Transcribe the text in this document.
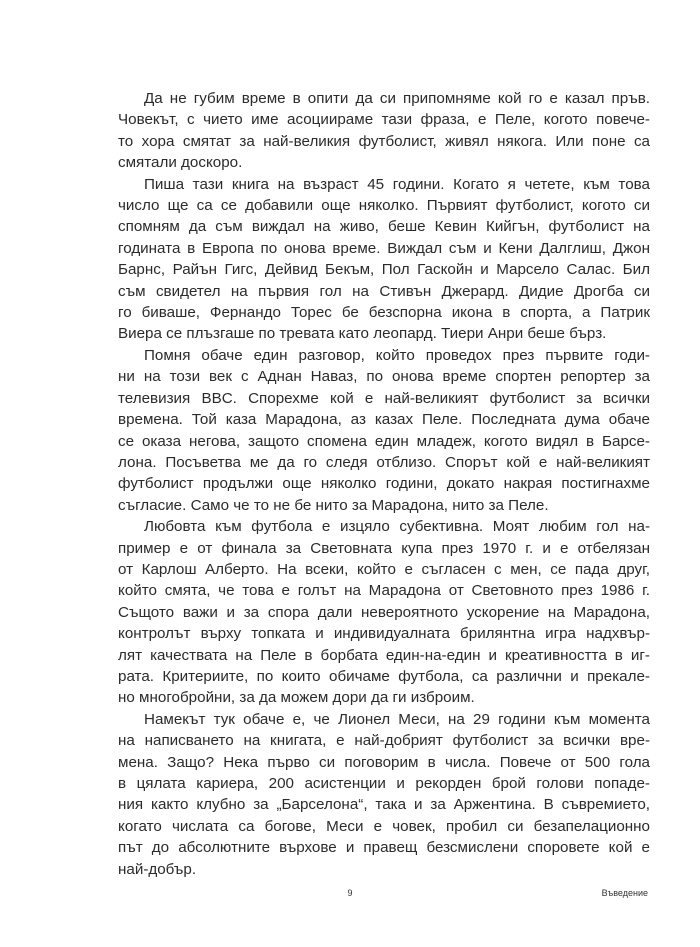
Да не губим време в опити да си припомняме кой го е казал пръв.
Човекът, с чието име асоциираме тази фраза, е Пеле, когото повече-
то хора смятат за най-великия футболист, живял някога. Или поне са
смятали доскоро.

Пиша тази книга на възраст 45 години. Когато я четете, към това
число ще са се добавили още няколко. Първият футболист, когото си
спомням да съм виждал на живо, беше Кевин Кийгън, футболист на
годината в Европа по онова време. Виждал съм и Кени Далглиш, Джон
Барнс, Райън Гигс, Дейвид Бекъм, Пол Гаскойн и Марсело Салас. Бил
съм свидетел на първия гол на Стивън Джерард. Дидие Дрогба си
го биваше, Фернандо Торес бе безспорна икона в спорта, а Патрик
Виера се плъзгаше по тревата като леопард. Тиери Анри беше бърз.

Помня обаче един разговор, който проведох през първите годи-
ни на този век с Аднан Наваз, по онова време спортен репортер за
телевизия BBC. Спорехме кой е най-великият футболист за всички
времена. Той каза Марадона, аз казах Пеле. Последната дума обаче
се оказа негова, защото спомена един младеж, когото видял в Барсе-
лона. Посъветва ме да го следя отблизо. Спорът кой е най-великият
футболист продължи още няколко години, докато накрая постигнахме
съгласие. Само че то не бе нито за Марадона, нито за Пеле.

Любовта към футбола е изцяло субективна. Моят любим гол на-
пример е от финала за Световната купа през 1970 г. и е отбелязан
от Карлош Алберто. На всеки, който е съгласен с мен, се пада друг,
който смята, че това е голът на Марадона от Световното през 1986 г.
Същото важи и за спора дали невероятното ускорение на Марадона,
контролът върху топката и индивидуалната брилянтна игра надхвър-
лят качествата на Пеле в борбата един-на-един и креативността в иг-
рата. Критериите, по които обичаме футбола, са различни и прекале-
но многобройни, за да можем дори да ги изброим.

Намекът тук обаче е, че Лионел Меси, на 29 години към момента
на написването на книгата, е най-добрият футболист за всички вре-
мена. Защо? Нека първо си поговорим в числа. Повече от 500 гола
в цялата кариера, 200 асистенции и рекорден брой голови попаде-
ния както клубно за „Барселона“, така и за Аржентина. В съвремието,
когато числата са богове, Меси е човек, пробил си безапелационно
път до абсолютните върхове и правещ безсмислени споровете кой е
най-добър.

9	Въведение
